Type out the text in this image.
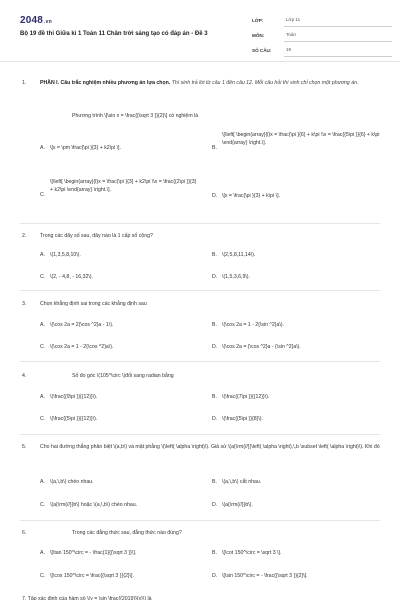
2048.vn
Bộ 19 đề thi Giữa kì 1 Toán 11 Chân trời sáng tạo có đáp án - Đề 3
LỚP:	Lớp 11
MÔN:	Toán
SỐ CÂU:	19
1.	PHẦN I. Câu trắc nghiệm nhiều phương án lựa chọn. Thí sinh trả lời từ câu 1 đến câu 12. Mỗi câu hỏi thí sinh chỉ chọn một phương án.
Phương trình \[\sin x = \frac{{\sqrt 3 }}{2}\] có nghiệm là
A. \[x = \pm \frac{\pi }{3} + k2\pi \].	B.
\[\left[ \begin{array}{l}x = \frac{\pi }{6} + k\pi \\x = \frac{{5\pi }}{6} + k\pi \end{array} \right.\].
C.
\[\left[ \begin{array}{l}x = \frac{\pi }{3} + k2\pi \\x = \frac{{2\pi }}{3} + k2\pi \end{array} \right.\].
D. \[x = \frac{\pi }{3} + k\pi \].
2.	Trong các dãy số sau, dãy nào là 1 cấp số cộng?
A. \(1,3,5,8,10\).	B. \(2,5,8,11,14\).
C. \(2, - 4,8, - 16,32\).	D. \(1,5,3,6,9\).
3.	Chọn khẳng định sai trong các khẳng định sau
A. \(\cos 2a = 2{\cos ^2}a - 1\).	B. \(\cos 2a = 1 - 2{\sin ^2}a\).
C. \(\cos 2a = 1 - 2{\cos ^2}a\).	D. \(\cos 2a = {\cos ^2}a - {\sin ^2}a\).
4.	Số đo góc \(105^\circ \)đổi sang radian bằng
A. \(\frac{{9\pi }}{{12}}\).	B. \(\frac{{7\pi }}{{12}}\).
C. \(\frac{{5\pi }}{{12}}\).	D. \(\frac{{5\pi }}{8}\).
5.	Cho hai đường thẳng phân biệt \(a,b\) và mặt phẳng \(\left( \alpha \right)\). Giả sử \(a{\rm{//}}\left( \alpha \right),\,b \subset \left( \alpha \right)\). Khi đó
A. \(a,\,b\) chéo nhau.	B. \(a,\,b\) cắt nhau.
C. \(a{\rm{//}}b\) hoặc \(a,\,b\) chéo nhau.	D. \(a{\rm{//}}b\).
6.	Trong các đẳng thức sau, đẳng thức nào đúng?
A. \[\tan 150^\circ = - \frac{1}{{\sqrt 3 }}\].	B. \[\cot 150^\circ = \sqrt 3 \].
C. \[\cos 150^\circ = \frac{{\sqrt 3 }}{2}\].	D. \[\sin 150^\circ = - \frac{{\sqrt 3 }}{2}\].
7. Tập xác định của hàm số \(y = \sin \frac{{2019}}{x}\) là
